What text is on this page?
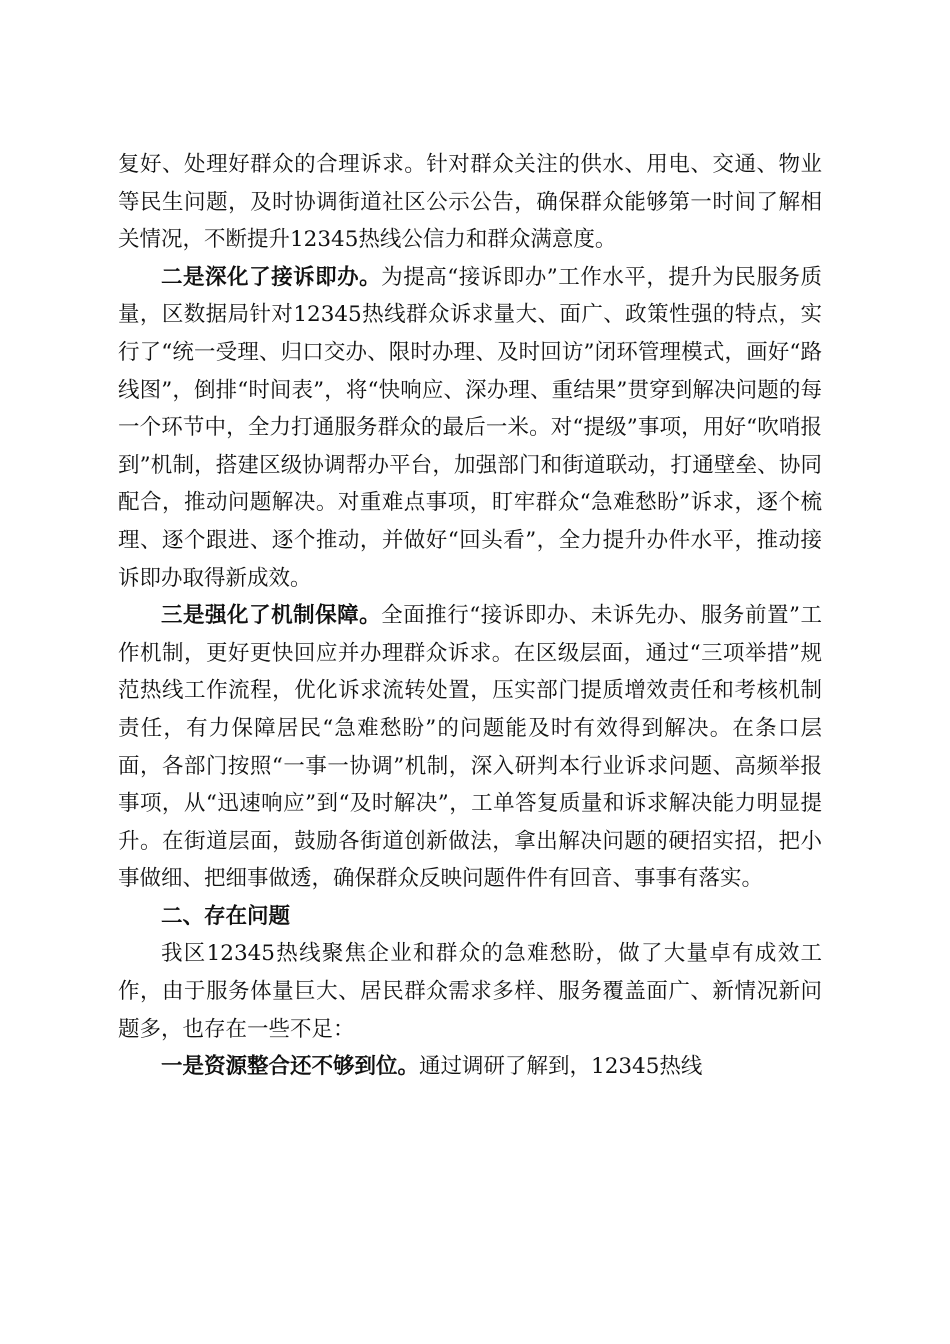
复好、处理好群众的合理诉求。针对群众关注的供水、用电、交通、物业等民生问题，及时协调街道社区公示公告，确保群众能够第一时间了解相关情况，不断提升12345热线公信力和群众满意度。

二是深化了接诉即办。为提高“接诉即办”工作水平，提升为民服务质量，区数据局针对12345热线群众诉求量大、面广、政策性强的特点，实行了“统一受理、归口交办、限时办理、及时回访”闭环管理模式，画好“路线图”，倒排“时间表”，将“快响应、深办理、重结果”贯穿到解决问题的每一个环节中，全力打通服务群众的最后一米。对“提级”事项，用好“吹哨报到”机制，搭建区级协调帮办平台，加强部门和街道联动，打通壁垒、协同配合，推动问题解决。对重难点事项，盯牢群众“急难愁盼”诉求，逐个梳理、逐个跟进、逐个推动，并做好“回头看”，全力提升办件水平，推动接诉即办取得新成效。

三是强化了机制保障。全面推行“接诉即办、未诉先办、服务前置”工作机制，更好更快回应并办理群众诉求。在区级层面，通过“三项举措”规范热线工作流程，优化诉求流转处置，压实部门提质增效责任和考核机制责任，有力保障居民“急难愁盼”的问题能及时有效得到解决。在条口层面，各部门按照“一事一协调”机制，深入研判本行业诉求问题、高频举报事项，从“迅速响应”到“及时解决”，工单答复质量和诉求解决能力明显提升。在街道层面，鼓励各街道创新做法，拿出解决问题的硬招实招，把小事做细、把细事做透，确保群众反映问题件件有回音、事事有落实。

二、存在问题

我区12345热线聚焦企业和群众的急难愁盼，做了大量卓有成效工作，由于服务体量巨大、居民群众需求多样、服务覆盖面广、新情况新问题多，也存在一些不足：

一是资源整合还不够到位。通过调研了解到，12345热线
